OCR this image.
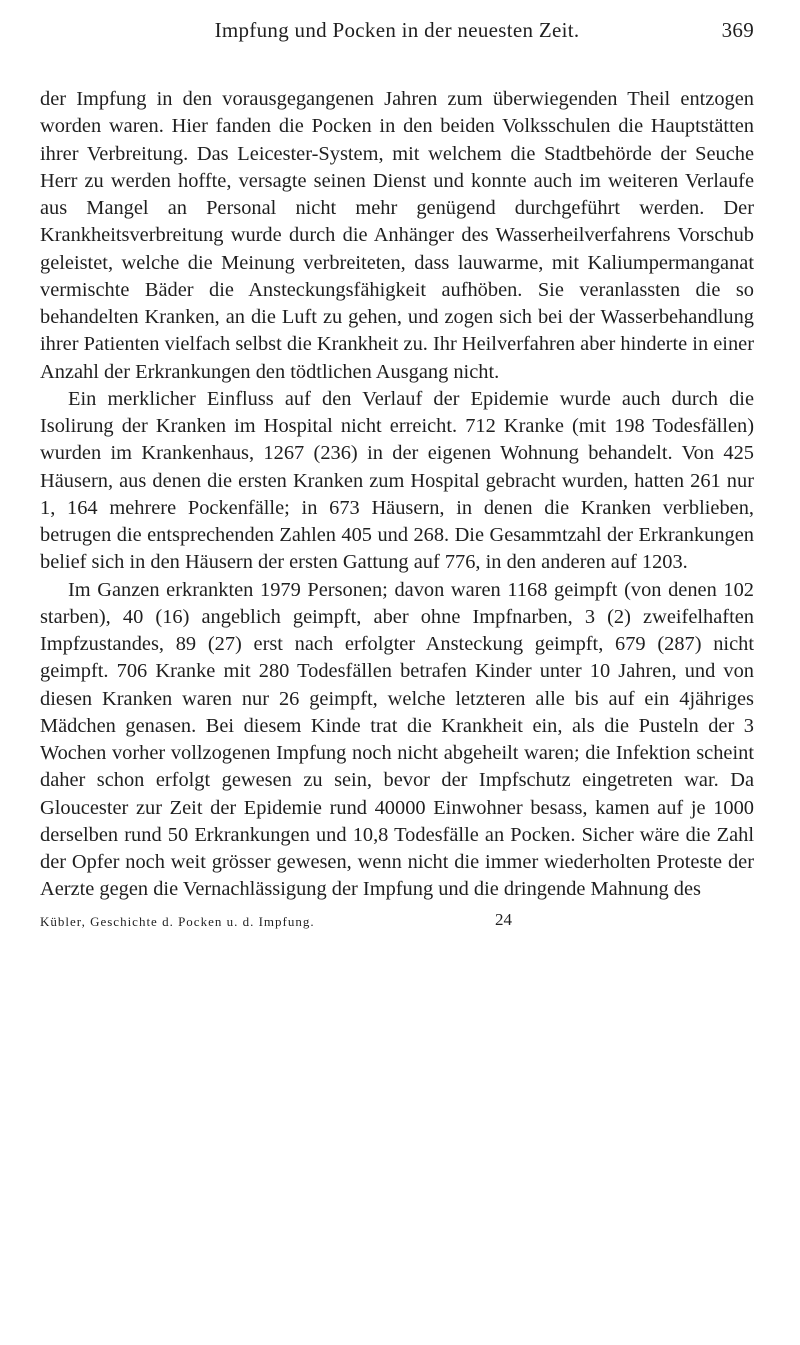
Impfung und Pocken in der neuesten Zeit.	369

der Impfung in den vorausgegangenen Jahren zum überwiegenden Theil entzogen worden waren. Hier fanden die Pocken in den beiden Volksschulen die Hauptstätten ihrer Verbreitung. Das Leicester-System, mit welchem die Stadtbehörde der Seuche Herr zu werden hoffte, versagte seinen Dienst und konnte auch im weiteren Verlaufe aus Mangel an Personal nicht mehr genügend durchgeführt werden. Der Krankheitsverbreitung wurde durch die Anhänger des Wasserheilverfahrens Vorschub geleistet, welche die Meinung verbreiteten, dass lauwarme, mit Kaliumpermanganat vermischte Bäder die Ansteckungsfähigkeit aufhöben. Sie veranlassten die so behandelten Kranken, an die Luft zu gehen, und zogen sich bei der Wasserbehandlung ihrer Patienten vielfach selbst die Krankheit zu. Ihr Heilverfahren aber hinderte in einer Anzahl der Erkrankungen den tödtlichen Ausgang nicht.

Ein merklicher Einfluss auf den Verlauf der Epidemie wurde auch durch die Isolirung der Kranken im Hospital nicht erreicht. 712 Kranke (mit 198 Todesfällen) wurden im Krankenhaus, 1267 (236) in der eigenen Wohnung behandelt. Von 425 Häusern, aus denen die ersten Kranken zum Hospital gebracht wurden, hatten 261 nur 1, 164 mehrere Pockenfälle; in 673 Häusern, in denen die Kranken verblieben, betrugen die entsprechenden Zahlen 405 und 268. Die Gesammtzahl der Erkrankungen belief sich in den Häusern der ersten Gattung auf 776, in den anderen auf 1203.

Im Ganzen erkrankten 1979 Personen; davon waren 1168 geimpft (von denen 102 starben), 40 (16) angeblich geimpft, aber ohne Impfnarben, 3 (2) zweifelhaften Impfzustandes, 89 (27) erst nach erfolgter Ansteckung geimpft, 679 (287) nicht geimpft. 706 Kranke mit 280 Todesfällen betrafen Kinder unter 10 Jahren, und von diesen Kranken waren nur 26 geimpft, welche letzteren alle bis auf ein 4jähriges Mädchen genasen. Bei diesem Kinde trat die Krankheit ein, als die Pusteln der 3 Wochen vorher vollzogenen Impfung noch nicht abgeheilt waren; die Infektion scheint daher schon erfolgt gewesen zu sein, bevor der Impfschutz eingetreten war. Da Gloucester zur Zeit der Epidemie rund 40000 Einwohner besass, kamen auf je 1000 derselben rund 50 Erkrankungen und 10,8 Todesfälle an Pocken. Sicher wäre die Zahl der Opfer noch weit grösser gewesen, wenn nicht die immer wiederholten Proteste der Aerzte gegen die Vernachlässigung der Impfung und die dringende Mahnung des

Kübler, Geschichte d. Pocken u. d. Impfung.	24
